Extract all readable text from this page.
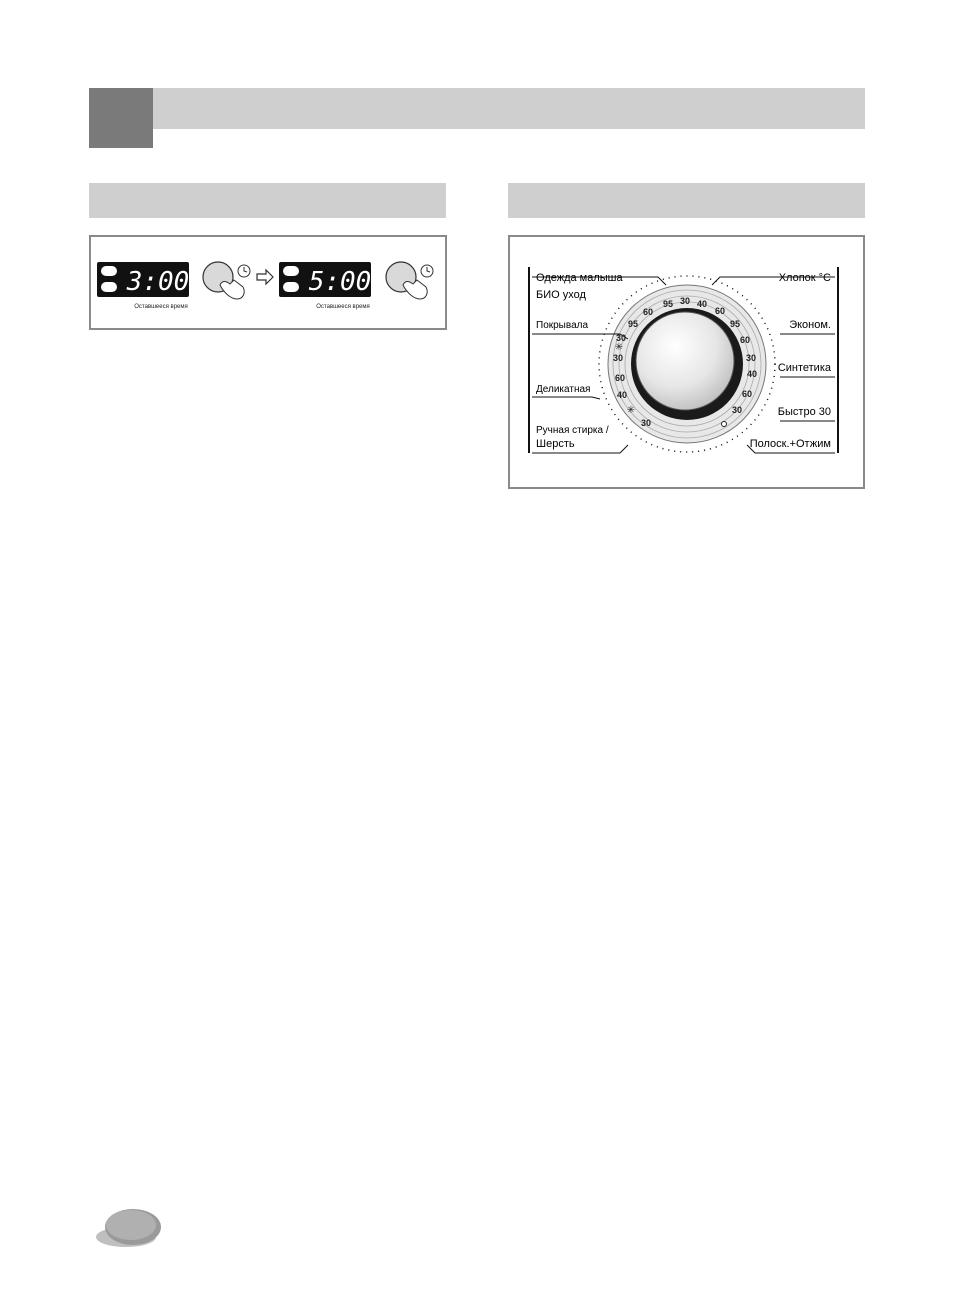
3:00
Оставшееся время
5:00
Оставшееся время
Одежда малыша
БИО уход
Покрывала
Деликатная
Ручная стирка /
Шерсть
Хлопок °C
Эконом.
Синтетика
Быстро 30
Полоск.+Отжим
95 30 40
60
95
60
95
60
40
30
30
60
30
40
60
30
30
✳
✳
